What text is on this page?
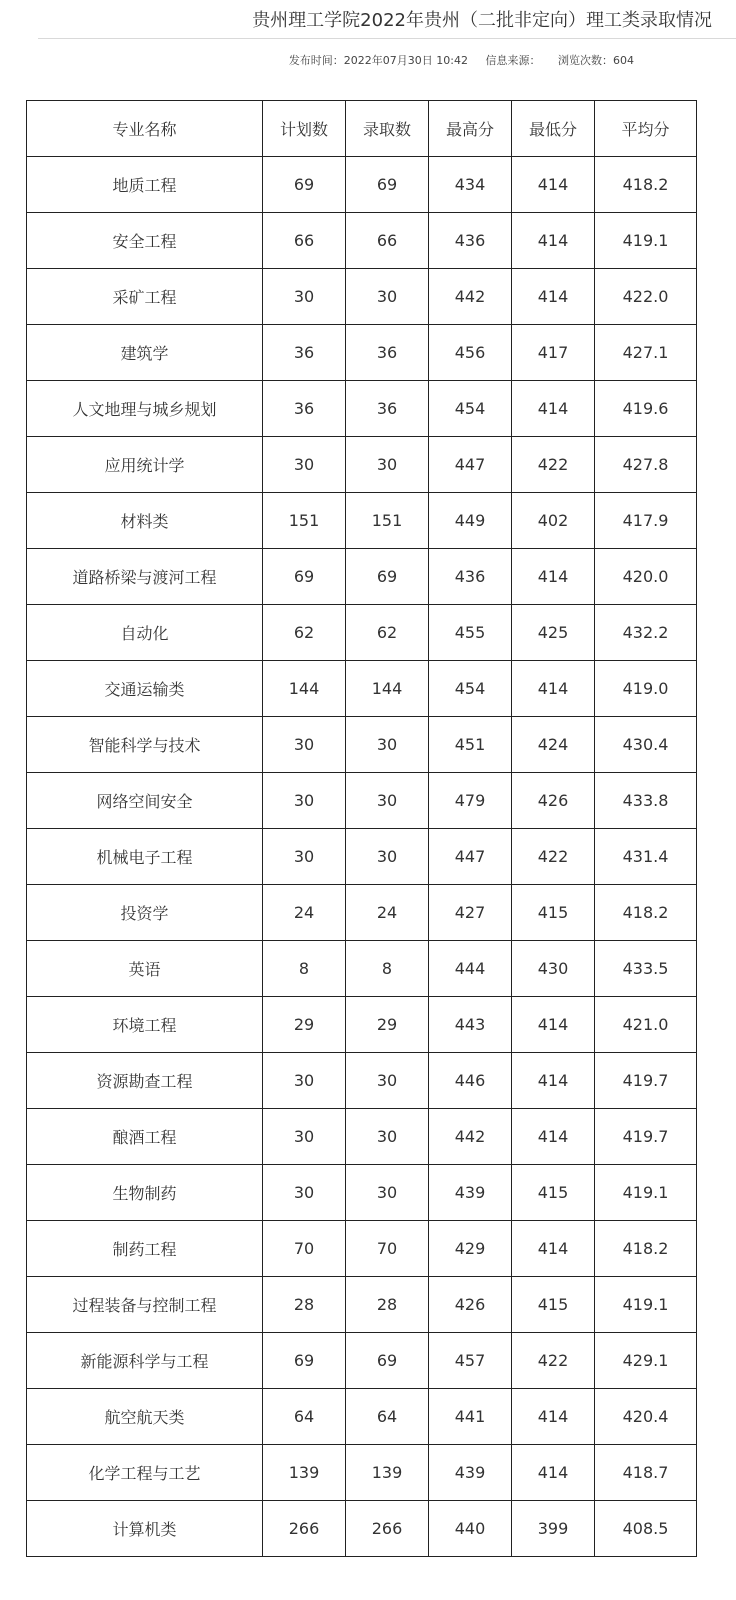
贵州理工学院2022年贵州（二批非定向）理工类录取情况
发布时间：2022年07月30日 10:42 信息来源： 浏览次数：604
专业名称	计划数	录取数	最高分	最低分	平均分
地质工程	69	69	434	414	418.2
安全工程	66	66	436	414	419.1
采矿工程	30	30	442	414	422.0
建筑学	36	36	456	417	427.1
人文地理与城乡规划	36	36	454	414	419.6
应用统计学	30	30	447	422	427.8
材料类	151	151	449	402	417.9
道路桥梁与渡河工程	69	69	436	414	420.0
自动化	62	62	455	425	432.2
交通运输类	144	144	454	414	419.0
智能科学与技术	30	30	451	424	430.4
网络空间安全	30	30	479	426	433.8
机械电子工程	30	30	447	422	431.4
投资学	24	24	427	415	418.2
英语	8	8	444	430	433.5
环境工程	29	29	443	414	421.0
资源勘查工程	30	30	446	414	419.7
酿酒工程	30	30	442	414	419.7
生物制药	30	30	439	415	419.1
制药工程	70	70	429	414	418.2
过程装备与控制工程	28	28	426	415	419.1
新能源科学与工程	69	69	457	422	429.1
航空航天类	64	64	441	414	420.4
化学工程与工艺	139	139	439	414	418.7
计算机类	266	266	440	399	408.5
